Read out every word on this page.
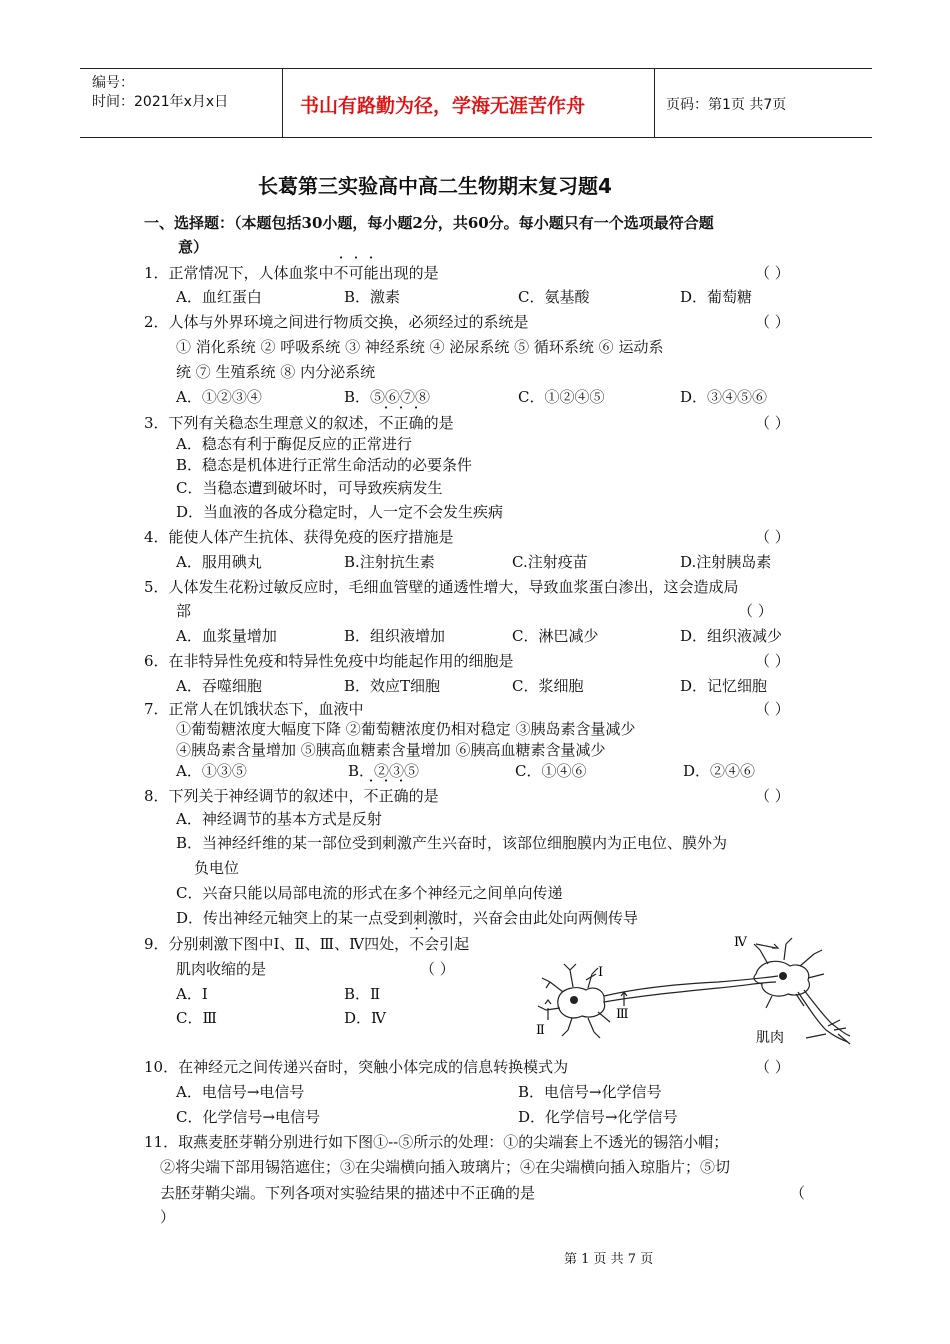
编号：
时间：2021年x月x日	书山有路勤为径，学海无涯苦作舟	页码：第1页 共7页
长葛第三实验高中高二生物期末复习题4
一、选择题：（本题包括30小题，每小题2分，共60分。每小题只有一个选项最符合题
意）
1．正常情况下，人体血浆中不可能出现的是	（ ）
A．血红蛋白	B．激素	C．氨基酸	D．葡萄糖
2．人体与外界环境之间进行物质交换，必须经过的系统是	（ ）
① 消化系统 ② 呼吸系统 ③ 神经系统 ④ 泌尿系统 ⑤ 循环系统 ⑥ 运动系
统 ⑦ 生殖系统 ⑧ 内分泌系统
A．①②③④	B．⑤⑥⑦⑧	C．①②④⑤	D．③④⑤⑥
3．下列有关稳态生理意义的叙述，不正确的是	（ ）
A．稳态有利于酶促反应的正常进行
B．稳态是机体进行正常生命活动的必要条件
C．当稳态遭到破坏时，可导致疾病发生
D．当血液的各成分稳定时，人一定不会发生疾病
4．能使人体产生抗体、获得免疫的医疗措施是	（ ）
A．服用碘丸	B.注射抗生素	C.注射疫苗	D.注射胰岛素
5．人体发生花粉过敏反应时，毛细血管壁的通透性增大，导致血浆蛋白渗出，这会造成局
部	（ ）
A．血浆量增加	B．组织液增加	C．淋巴减少	D．组织液减少
6．在非特异性免疫和特异性免疫中均能起作用的细胞是	（ ）
A．吞噬细胞	B．效应T细胞	C．浆细胞	D．记忆细胞
7．正常人在饥饿状态下，血液中	（ ）
①葡萄糖浓度大幅度下降 ②葡萄糖浓度仍相对稳定 ③胰岛素含量减少
④胰岛素含量增加 ⑤胰高血糖素含量增加 ⑥胰高血糖素含量减少
A．①③⑤	B．②③⑤	C．①④⑥	D．②④⑥
8．下列关于神经调节的叙述中，不正确的是	（ ）
A．神经调节的基本方式是反射
B．当神经纤维的某一部位受到刺激产生兴奋时，该部位细胞膜内为正电位、膜外为
负电位
C．兴奋只能以局部电流的形式在多个神经元之间单向传递
D．传出神经元轴突上的某一点受到刺激时，兴奋会由此处向两侧传导
9．分别刺激下图中Ⅰ、Ⅱ、Ⅲ、Ⅳ四处，不会引起
肌肉收缩的是	（ ）
A．Ⅰ	B．Ⅱ
C．Ⅲ	D．Ⅳ
Ⅰ
Ⅱ
Ⅲ
Ⅳ
肌肉
10．在神经元之间传递兴奋时，突触小体完成的信息转换模式为	（ ）
A．电信号→电信号	B．电信号→化学信号
C．化学信号→电信号	D．化学信号→化学信号
11．取燕麦胚芽鞘分别进行如下图①--⑤所示的处理：①的尖端套上不透光的锡箔小帽；
②将尖端下部用锡箔遮住；③在尖端横向插入玻璃片；④在尖端横向插入琼脂片；⑤切
去胚芽鞘尖端。下列各项对实验结果的描述中不正确的是	（
）
第 1 页 共 7 页
